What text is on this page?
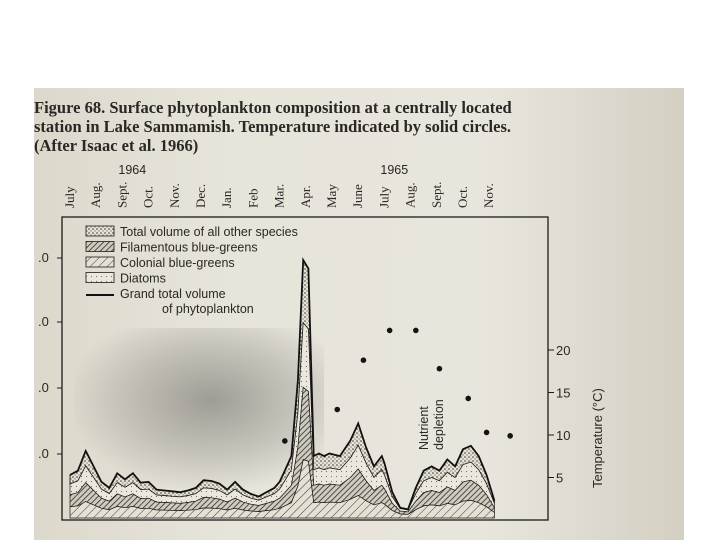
Figure 68. Surface phytoplankton composition at a centrally located
station in Lake Sammamish. Temperature indicated by solid circles.
(After Isaac et al. 1966)
July Aug. Sept. Oct. Nov. Dec. Jan. Feb Mar. Apr. May June July Aug. Sept. Oct. Nov.
1964	1965
.0
.0
.0
.0
5
10
15
20
Temperature (°C)
Total volume of all other species
Filamentous blue-greens
Colonial blue-greens
Diatoms
Grand total volume
of phytoplankton
Nutrient depletion
